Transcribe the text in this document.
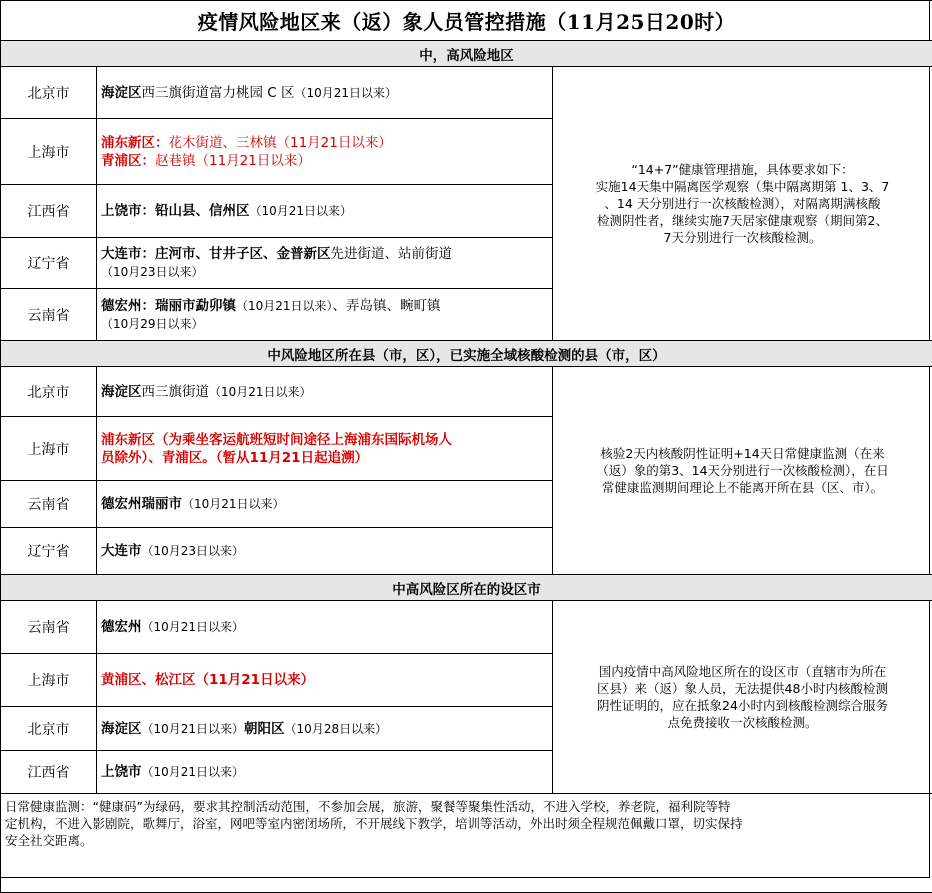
疫情风险地区来（返）象人员管控措施（11月25日20时）		
中，高风险地区		
北京市	海淀区西三旗街道富力桃园 C 区（10月21日以来）	“14+7”健康管理措施，具体要求如下：
实施14天集中隔离医学观察（集中隔离期第 1、3、7
、14 天分别进行一次核酸检测），对隔离期满核酸
检测阴性者，继续实施7天居家健康观察（期间第2、
7天分别进行一次核酸检测。

上海市	浦东新区：花木街道、三林镇（11月21日以来）
青浦区：赵巷镇（11月21日以来）	

江西省	上饶市：铅山县、信州区（10月21日以来）	
辽宁省	大连市：庄河市、甘井子区、金普新区先进街道、站前街道
（10月23日以来）	

云南省	德宏州：瑞丽市勐卯镇（10月21日以来）、弄岛镇、畹町镇
（10月29日以来）	

中风险地区所在县（市，区），已实施全域核酸检测的县（市，区）		
北京市	海淀区西三旗街道（10月21日以来）	核验2天内核酸阴性证明+14天日常健康监测（在来
（返）象的第3、14天分别进行一次核酸检测），在日
常健康监测期间理论上不能离开所在县（区、市）。

上海市	浦东新区（为乘坐客运航班短时间途径上海浦东国际机场人
员除外）、青浦区。（暂从11月21日起追溯）	

云南省	德宏州瑞丽市（10月21日以来）	
辽宁省	大连市（10月23日以来）	
中高风险区所在的设区市		
云南省	德宏州（10月21日以来）	国内疫情中高风险地区所在的设区市（直辖市为所在
区县）来（返）象人员，无法提供48小时内核酸检测
阴性证明的，应在抵象24小时内到核酸检测综合服务
点免费接收一次核酸检测。

上海市	黄浦区、松江区（11月21日以来）	
北京市	海淀区（10月21日以来）朝阳区（10月28日以来）	
江西省	上饶市（10月21日以来）	

日常健康监测：“健康码”为绿码，要求其控制活动范围，不参加会展，旅游，聚餐等聚集性活动，不进入学校，养老院，福利院等特
定机构，不进入影剧院，歌舞厅，浴室，网吧等室内密闭场所，不开展线下教学，培训等活动，外出时须全程规范佩戴口罩，切实保持
安全社交距离。		
